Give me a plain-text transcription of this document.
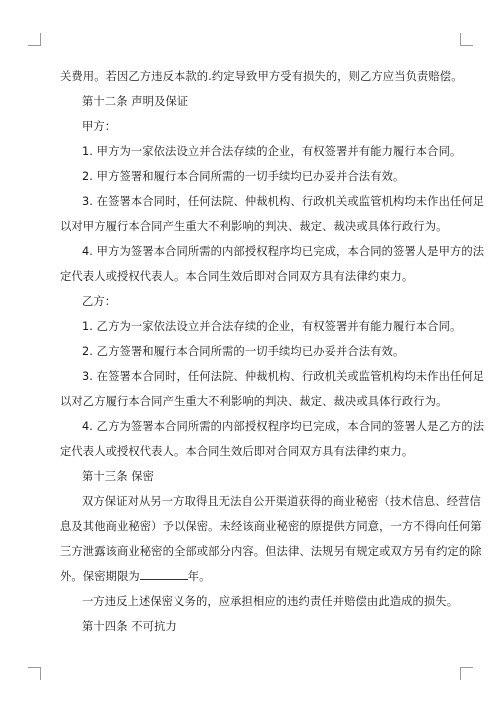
关费用。若因乙方违反本款的.约定导致甲方受有损失的，则乙方应当负责赔偿。

第十二条 声明及保证

甲方：

1. 甲方为一家依法设立并合法存续的企业，有权签署并有能力履行本合同。

2. 甲方签署和履行本合同所需的一切手续均已办妥并合法有效。

3. 在签署本合同时，任何法院、仲裁机构、行政机关或监管机构均未作出任何足

以对甲方履行本合同产生重大不利影响的判决、裁定、裁决或具体行政行为。

4. 甲方为签署本合同所需的内部授权程序均已完成，本合同的签署人是甲方的法

定代表人或授权代表人。本合同生效后即对合同双方具有法律约束力。

乙方：

1. 乙方为一家依法设立并合法存续的企业，有权签署并有能力履行本合同。

2. 乙方签署和履行本合同所需的一切手续均已办妥并合法有效。

3. 在签署本合同时，任何法院、仲裁机构、行政机关或监管机构均未作出任何足

以对乙方履行本合同产生重大不利影响的判决、裁定、裁决或具体行政行为。

4. 乙方为签署本合同所需的内部授权程序均已完成，本合同的签署人是乙方的法

定代表人或授权代表人。本合同生效后即对合同双方具有法律约束力。

第十三条 保密

双方保证对从另一方取得且无法自公开渠道获得的商业秘密（技术信息、经营信

息及其他商业秘密）予以保密。未经该商业秘密的原提供方同意，一方不得向任何第

三方泄露该商业秘密的全部或部分内容。但法律、法规另有规定或双方另有约定的除

外。保密期限为	年。

一方违反上述保密义务的，应承担相应的违约责任并赔偿由此造成的损失。

第十四条 不可抗力
